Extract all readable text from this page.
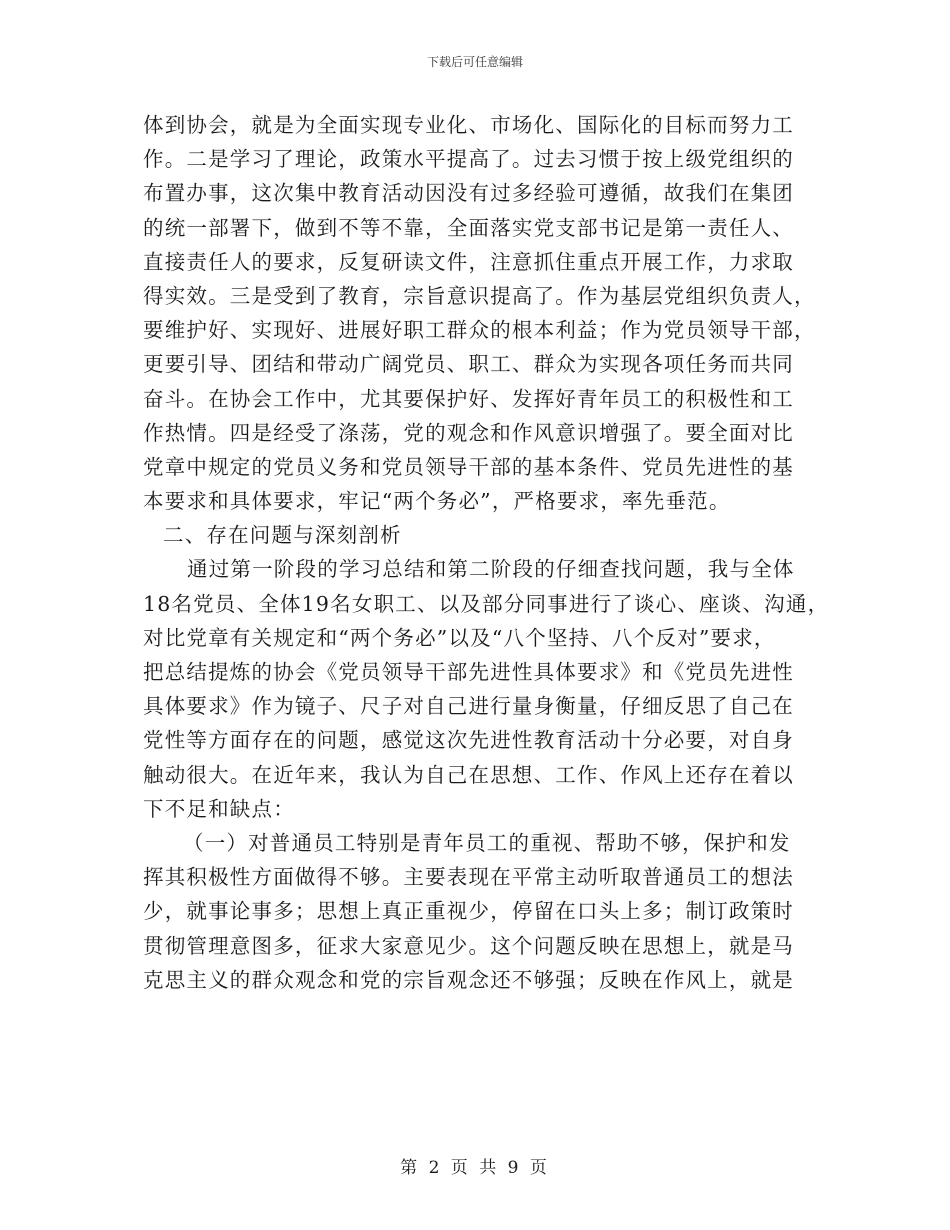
下载后可任意编辑
体到协会，就是为全面实现专业化、市场化、国际化的目标而努力工
作。二是学习了理论，政策水平提高了。过去习惯于按上级党组织的
布置办事，这次集中教育活动因没有过多经验可遵循，故我们在集团
的统一部署下，做到不等不靠，全面落实党支部书记是第一责任人、
直接责任人的要求，反复研读文件，注意抓住重点开展工作，力求取
得实效。三是受到了教育，宗旨意识提高了。作为基层党组织负责人，
要维护好、实现好、进展好职工群众的根本利益；作为党员领导干部，
更要引导、团结和带动广阔党员、职工、群众为实现各项任务而共同
奋斗。在协会工作中，尤其要保护好、发挥好青年员工的积极性和工
作热情。四是经受了涤荡，党的观念和作风意识增强了。要全面对比
党章中规定的党员义务和党员领导干部的基本条件、党员先进性的基
本要求和具体要求，牢记“两个务必”，严格要求，率先垂范。
二、存在问题与深刻剖析
通过第一阶段的学习总结和第二阶段的仔细查找问题，我与全体
18名党员、全体19名女职工、以及部分同事进行了谈心、座谈、沟通，
对比党章有关规定和“两个务必”以及“八个坚持、八个反对”要求，
把总结提炼的协会《党员领导干部先进性具体要求》和《党员先进性
具体要求》作为镜子、尺子对自己进行量身衡量，仔细反思了自己在
党性等方面存在的问题，感觉这次先进性教育活动十分必要，对自身
触动很大。在近年来，我认为自己在思想、工作、作风上还存在着以
下不足和缺点：
（一）对普通员工特别是青年员工的重视、帮助不够，保护和发
挥其积极性方面做得不够。主要表现在平常主动听取普通员工的想法
少，就事论事多；思想上真正重视少，停留在口头上多；制订政策时
贯彻管理意图多，征求大家意见少。这个问题反映在思想上，就是马
克思主义的群众观念和党的宗旨观念还不够强；反映在作风上，就是
第 2 页 共 9 页
